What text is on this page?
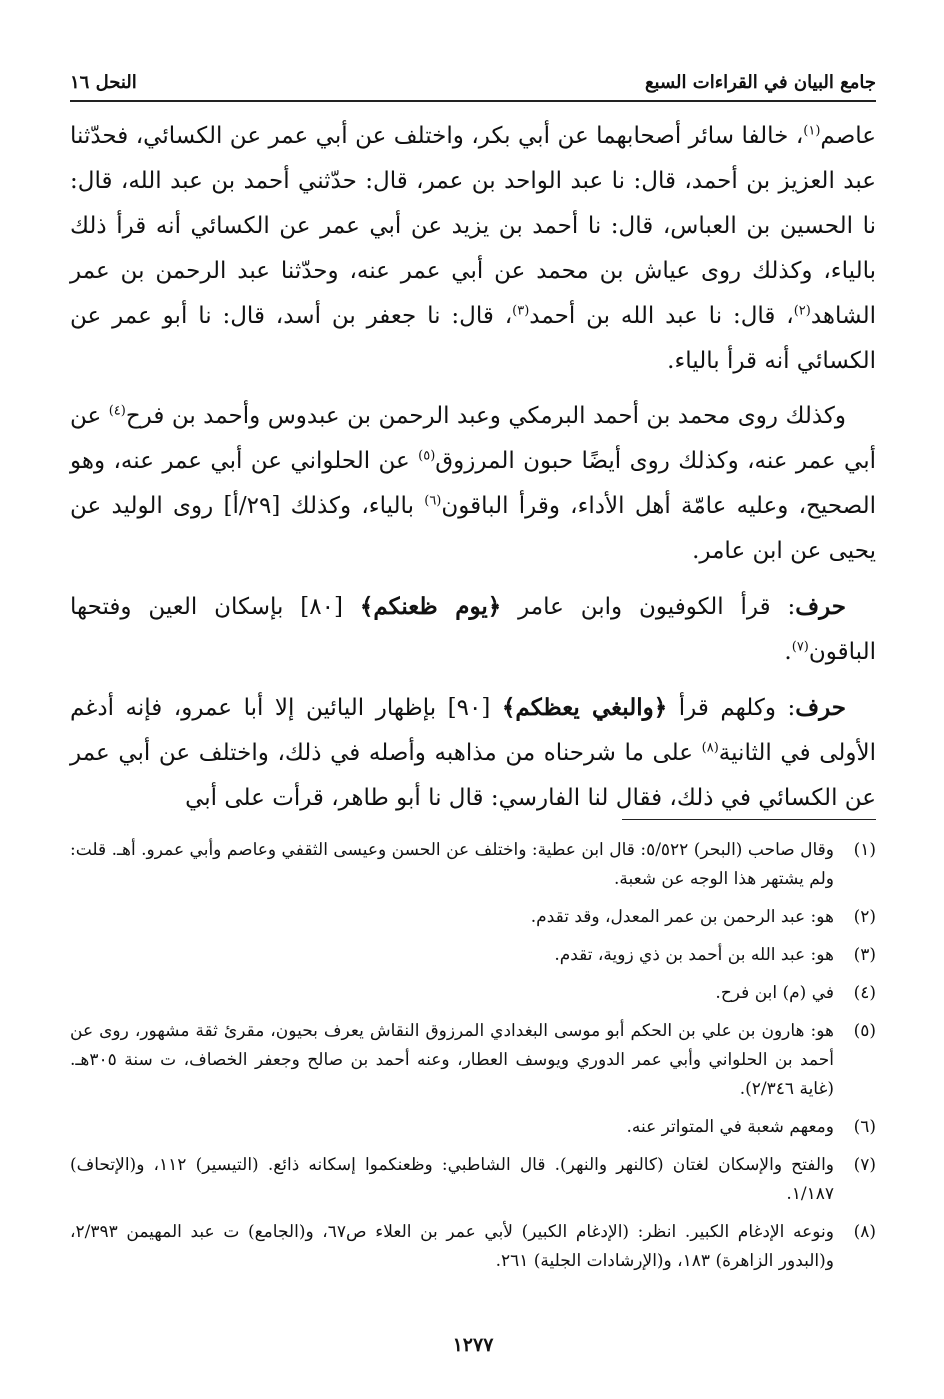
جامع البيان في القراءات السبع
النحل ١٦

عاصم$^{(١)}$، خالفا سائر أصحابهما عن أبي بكر، واختلف عن أبي عمر عن الكسائي، فحدّثنا عبد العزيز بن أحمد، قال: نا عبد الواحد بن عمر، قال: حدّثني أحمد بن عبد الله، قال: نا الحسين بن العباس، قال: نا أحمد بن يزيد عن أبي عمر عن الكسائي أنه قرأ ذلك بالياء، وكذلك روى عياش بن محمد عن أبي عمر عنه، وحدّثنا عبد الرحمن بن عمر الشاهد$^{(٢)}$، قال: نا عبد الله بن أحمد$^{(٣)}$، قال: نا جعفر بن أسد، قال: نا أبو عمر عن الكسائي أنه قرأ بالياء.

وكذلك روى محمد بن أحمد البرمكي وعبد الرحمن بن عبدوس وأحمد بن فرح$^{(٤)}$ عن أبي عمر عنه، وكذلك روى أيضًا حبون المرزوق$^{(٥)}$ عن الحلواني عن أبي عمر عنه، وهو الصحيح، وعليه عامّة أهل الأداء، وقرأ الباقون$^{(٦)}$ بالياء، وكذلك [٢٩/أ] روى الوليد عن يحيى عن ابن عامر.

حرف: قرأ الكوفيون وابن عامر ﴿يوم ظعنكم﴾ [٨٠] بإسكان العين وفتحها الباقون$^{(٧)}$.

حرف: وكلهم قرأ ﴿والبغي يعظكم﴾ [٩٠] بإظهار اليائين إلا أبا عمرو، فإنه أدغم الأولى في الثانية$^{(٨)}$ على ما شرحناه من مذاهبه وأصله في ذلك، واختلف عن أبي عمر عن الكسائي في ذلك، فقال لنا الفارسي: قال نا أبو طاهر، قرأت على أبي

(١)وقال صاحب (البحر) ٥/٥٢٢: قال ابن عطية: واختلف عن الحسن وعيسى الثقفي وعاصم وأبي عمرو. أهـ. قلت: ولم يشتهر هذا الوجه عن شعبة.
(٢)هو: عبد الرحمن بن عمر المعدل، وقد تقدم.
(٣)هو: عبد الله بن أحمد بن ذي زوية، تقدم.
(٤)في (م) ابن فرح.
(٥)هو: هارون بن علي بن الحكم أبو موسى البغدادي المرزوق النقاش يعرف بحيون، مقرئ ثقة مشهور، روى عن أحمد بن الحلواني وأبي عمر الدوري ويوسف العطار، وعنه أحمد بن صالح وجعفر الخصاف، ت سنة ٣٠٥هـ. (غاية ٢/٣٤٦).
(٦)ومعهم شعبة في المتواتر عنه.
(٧)والفتح والإسكان لغتان (كالنهر والنهر). قال الشاطبي: وظعنكموا إسكانه ذائع. (التيسير) ١١٢، و(الإتحاف) ١/١٨٧.
(٨)ونوعه الإدغام الكبير. انظر: (الإدغام الكبير) لأبي عمر بن العلاء ص٦٧، و(الجامع) ت عبد المهيمن ٢/٣٩٣، و(البدور الزاهرة) ١٨٣، و(الإرشادات الجلية) ٢٦١.
١٢٧٧
